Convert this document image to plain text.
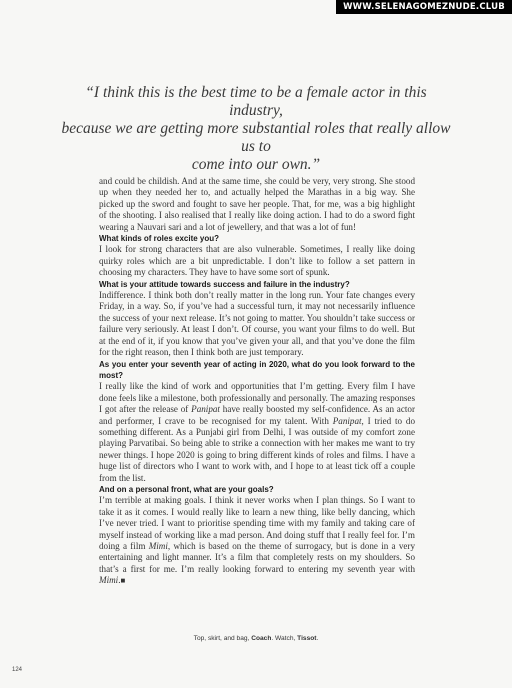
WWW.SELENAGOMEZNUDE.CLUB

“I think this is the best time to be a female actor in this industry,

because we are getting more substantial roles that really allow us to

come into our own.”

and could be childish. And at the same time, she could be very, very strong. She stood up when they needed her to, and actually helped the Marathas in a big way. She picked up the sword and fought to save her people. That, for me, was a big highlight of the shooting. I also realised that I really like doing action. I had to do a sword fight wearing a Nauvari sari and a lot of jewellery, and that was a lot of fun!

What kinds of roles excite you?

I look for strong characters that are also vulnerable. Sometimes, I really like doing quirky roles which are a bit unpredictable. I don’t like to follow a set pattern in choosing my characters. They have to have some sort of spunk.

What is your attitude towards success and failure in the industry?

Indifference. I think both don’t really matter in the long run. Your fate changes every Friday, in a way. So, if you’ve had a successful turn, it may not necessarily influence the success of your next release. It’s not going to matter. You shouldn’t take success or failure very seriously. At least I don’t. Of course, you want your films to do well. But at the end of it, if you know that you’ve given your all, and that you’ve done the film for the right reason, then I think both are just temporary.

As you enter your seventh year of acting in 2020, what do you look forward to the most?

I really like the kind of work and opportunities that I’m getting. Every film I have done feels like a milestone, both professionally and personally. The amazing responses I got after the release of Panipat have really boosted my self-confidence. As an actor and performer, I crave to be recognised for my talent. With Panipat, I tried to do something different. As a Punjabi girl from Delhi, I was outside of my comfort zone playing Parvatibai. So being able to strike a connection with her makes me want to try newer things. I hope 2020 is going to bring different kinds of roles and films. I have a huge list of directors who I want to work with, and I hope to at least tick off a couple from the list.

And on a personal front, what are your goals?

I’m terrible at making goals. I think it never works when I plan things. So I want to take it as it comes. I would really like to learn a new thing, like belly dancing, which I’ve never tried. I want to prioritise spending time with my family and taking care of myself instead of working like a mad person. And doing stuff that I really feel for. I’m doing a film Mimi, which is based on the theme of surrogacy, but is done in a very entertaining and light manner. It’s a film that completely rests on my shoulders. So that’s a first for me. I’m really looking forward to entering my seventh year with Mimi.■

Top, skirt, and bag, Coach. Watch, Tissot.
124
